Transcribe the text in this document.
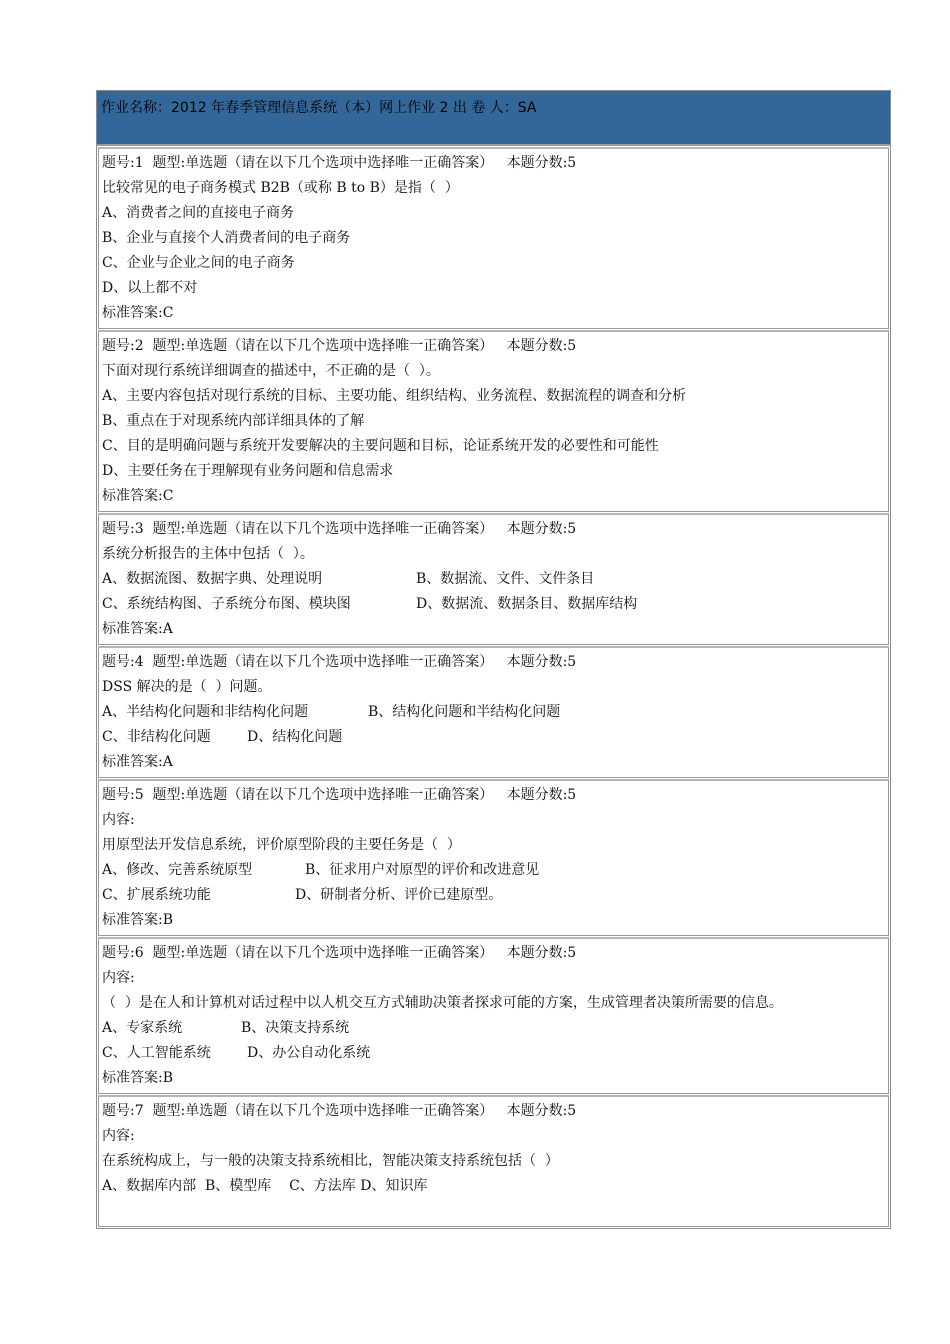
作业名称：2012 年春季管理信息系统（本）网上作业 2 出 卷 人：SA
题号:1  题型:单选题（请在以下几个选项中选择唯一正确答案）   本题分数:5
比较常见的电子商务模式 B2B（或称 B to B）是指（  ）
A、消费者之间的直接电子商务
B、企业与直接个人消费者间的电子商务
C、企业与企业之间的电子商务
D、以上都不对
标准答案:C
题号:2  题型:单选题（请在以下几个选项中选择唯一正确答案）   本题分数:5
下面对现行系统详细调查的描述中，不正确的是（  ）。
A、主要内容包括对现行系统的目标、主要功能、组织结构、业务流程、数据流程的调查和分析
B、重点在于对现系统内部详细具体的了解
C、目的是明确问题与系统开发要解决的主要问题和目标，论证系统开发的必要性和可能性
D、主要任务在于理解现有业务问题和信息需求
标准答案:C
题号:3  题型:单选题（请在以下几个选项中选择唯一正确答案）   本题分数:5
系统分析报告的主体中包括（  ）。
A、数据流图、数据字典、处理说明	B、数据流、文件、文件条目
C、系统结构图、子系统分布图、模块图	D、数据流、数据条目、数据库结构
标准答案:A
题号:4  题型:单选题（请在以下几个选项中选择唯一正确答案）   本题分数:5
DSS 解决的是（  ）问题。
A、半结构化问题和非结构化问题	B、结构化问题和半结构化问题
C、非结构化问题	D、结构化问题
标准答案:A
题号:5  题型:单选题（请在以下几个选项中选择唯一正确答案）   本题分数:5
内容:
用原型法开发信息系统，评价原型阶段的主要任务是（  ）
A、修改、完善系统原型	B、征求用户对原型的评价和改进意见
C、扩展系统功能	D、研制者分析、评价已建原型。
标准答案:B
题号:6  题型:单选题（请在以下几个选项中选择唯一正确答案）   本题分数:5
内容:
（  ）是在人和计算机对话过程中以人机交互方式辅助决策者探求可能的方案，生成管理者决策所需要的信息。
A、专家系统	B、决策支持系统
C、人工智能系统	D、办公自动化系统
标准答案:B
题号:7  题型:单选题（请在以下几个选项中选择唯一正确答案）   本题分数:5
内容:
在系统构成上，与一般的决策支持系统相比，智能决策支持系统包括（  ）
A、数据库内部  B、模型库    C、方法库 D、知识库
